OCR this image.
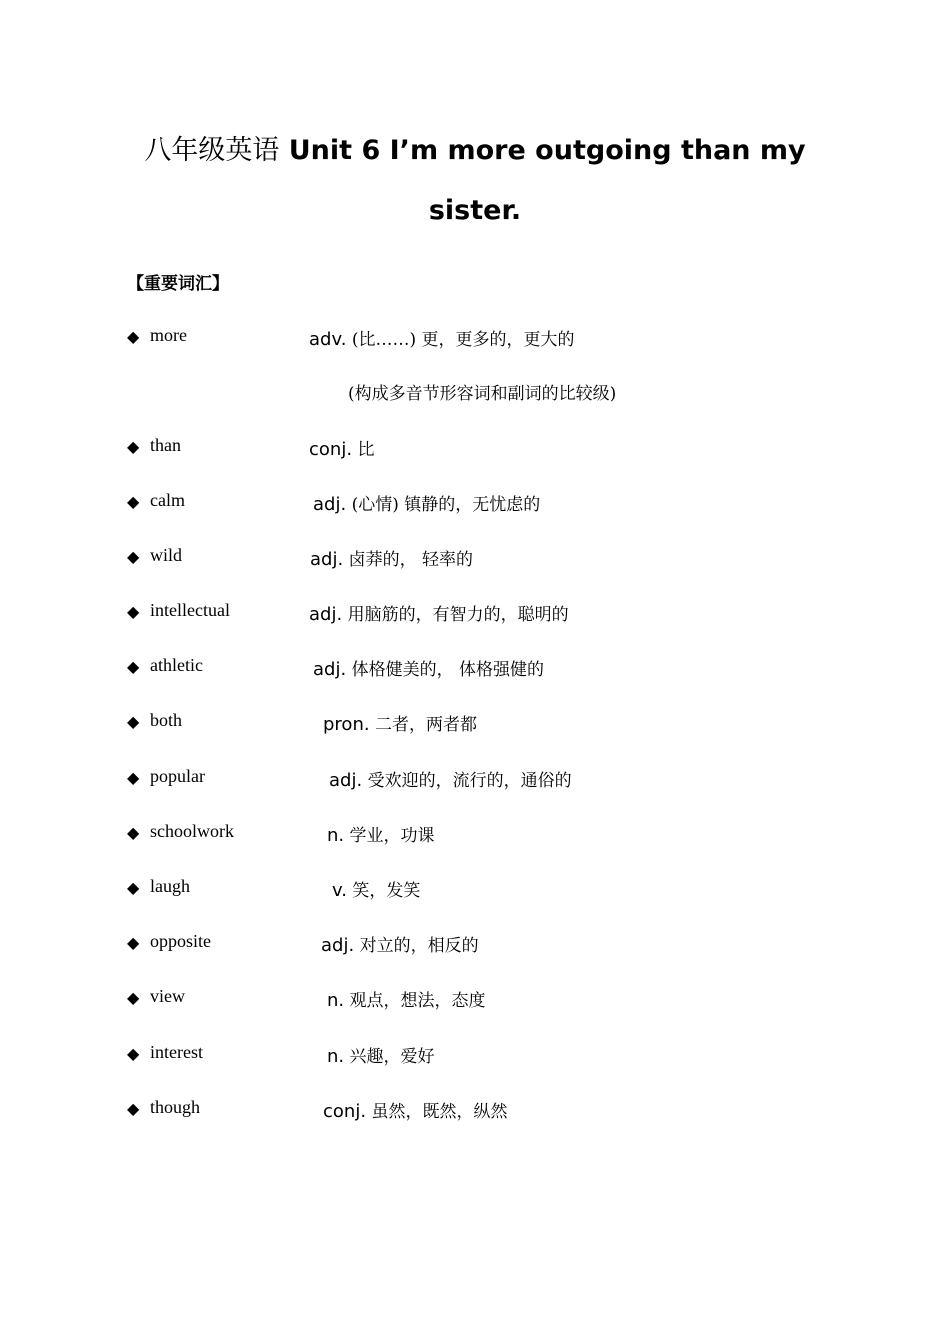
八年级英语 Unit 6 I’m more outgoing than my
sister.
【重要词汇】
◆ more	adv. (比……) 更，更多的，更大的
(构成多音节形容词和副词的比较级)
◆ than	conj. 比
◆ calm	adj. (心情) 镇静的，无忧虑的
◆ wild	adj. 卤莽的， 轻率的
◆ intellectual	adj. 用脑筋的，有智力的，聪明的
◆ athletic	adj. 体格健美的， 体格强健的
◆ both	pron. 二者，两者都
◆ popular	adj. 受欢迎的，流行的，通俗的
◆ schoolwork	n. 学业，功课
◆ laugh	v. 笑，发笑
◆ opposite	adj. 对立的，相反的
◆ view	n. 观点，想法，态度
◆ interest	n. 兴趣，爱好
◆ though	conj. 虽然，既然，纵然
